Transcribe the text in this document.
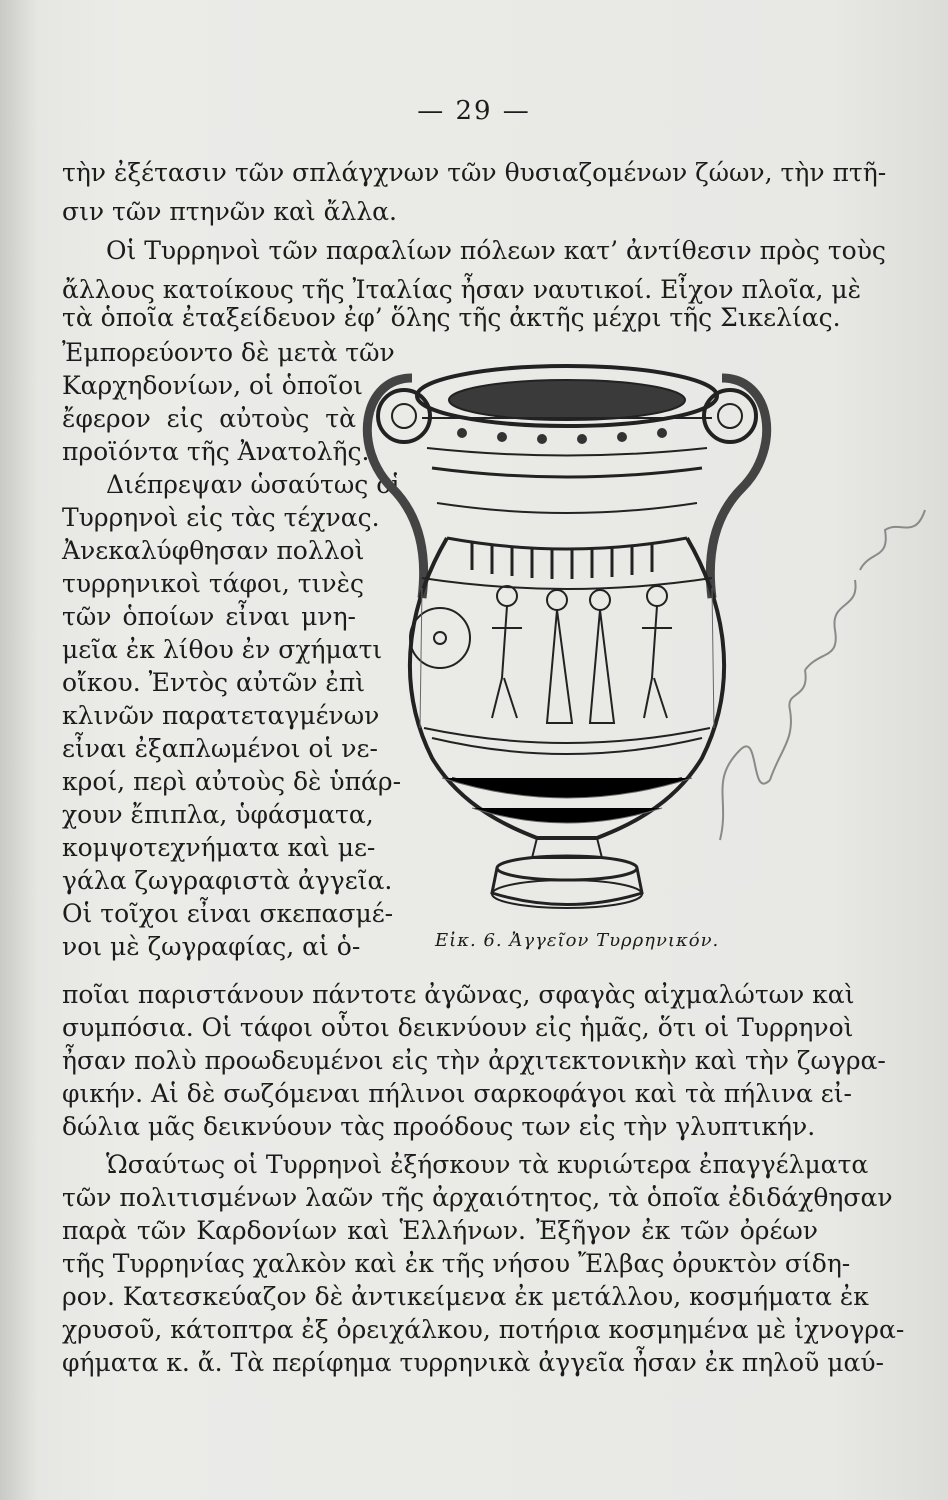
— 29 —
τὴν ἐξέτασιν τῶν σπλάγχνων τῶν θυσιαζομένων ζώων, τὴν πτῆ-
σιν τῶν πτηνῶν καὶ ἄλλα.
Οἱ Τυρρηνοὶ τῶν παραλίων πόλεων κατ’ ἀντίθεσιν πρὸς τοὺς
ἄλλους κατοίκους τῆς Ἰταλίας ἦσαν ναυτικοί. Εἶχον πλοῖα, μὲ
τὰ ὁποῖα ἐταξείδευον ἐφ’ ὅλης τῆς ἀκτῆς μέχρι τῆς Σικελίας.
Ἐμπορεύοντο δὲ μετὰ τῶν
Καρχηδονίων, οἱ ὁποῖοι
ἔφερον εἰς αὐτοὺς τὰ
προϊόντα τῆς Ἀνατολῆς.
Διέπρεψαν ὡσαύτως οἱ
Τυρρηνοὶ εἰς τὰς τέχνας.
Ἀνεκαλύφθησαν πολλοὶ
τυρρηνικοὶ τάφοι, τινὲς
τῶν ὁποίων εἶναι μνη-
μεῖα ἐκ λίθου ἐν σχήματι
οἴκου. Ἐντὸς αὐτῶν ἐπὶ
κλινῶν παρατεταγμένων
εἶναι ἐξαπλωμένοι οἱ νε-
κροί, περὶ αὐτοὺς δὲ ὑπάρ-
χουν ἔπιπλα, ὑφάσματα,
κομψοτεχνήματα καὶ με-
γάλα ζωγραφιστὰ ἀγγεῖα.
Οἱ τοῖχοι εἶναι σκεπασμέ-
νοι μὲ ζωγραφίας, αἱ ὁ-
ποῖαι παριστάνουν πάντοτε ἀγῶνας, σφαγὰς αἰχμαλώτων καὶ
συμπόσια. Οἱ τάφοι οὗτοι δεικνύουν εἰς ἡμᾶς, ὅτι οἱ Τυρρηνοὶ
ἦσαν πολὺ προωδευμένοι εἰς τὴν ἀρχιτεκτονικὴν καὶ τὴν ζωγρα-
φικήν. Αἱ δὲ σωζόμεναι πήλινοι σαρκοφάγοι καὶ τὰ πήλινα εἰ-
δώλια μᾶς δεικνύουν τὰς προόδους των εἰς τὴν γλυπτικήν.
Ὡσαύτως οἱ Τυρρηνοὶ ἐξήσκουν τὰ κυριώτερα ἐπαγγέλματα
τῶν πολιτισμένων λαῶν τῆς ἀρχαιότητος, τὰ ὁποῖα ἐδιδάχθησαν
παρὰ τῶν Καρδονίων καὶ Ἑλλήνων. Ἐξῆγον ἐκ τῶν ὀρέων
τῆς Τυρρηνίας χαλκὸν καὶ ἐκ τῆς νήσου Ἔλβας ὀρυκτὸν σίδη-
ρον. Κατεσκεύαζον δὲ ἀντικείμενα ἐκ μετάλλου, κοσμήματα ἐκ
χρυσοῦ, κάτοπτρα ἐξ ὀρειχάλκου, ποτήρια κοσμημένα μὲ ἰχνογρα-
φήματα κ. ἄ. Τὰ περίφημα τυρρηνικὰ ἀγγεῖα ἦσαν ἐκ πηλοῦ μαύ-
Εἰκ. 6. Ἀγγεῖον Τυρρηνικόν.
